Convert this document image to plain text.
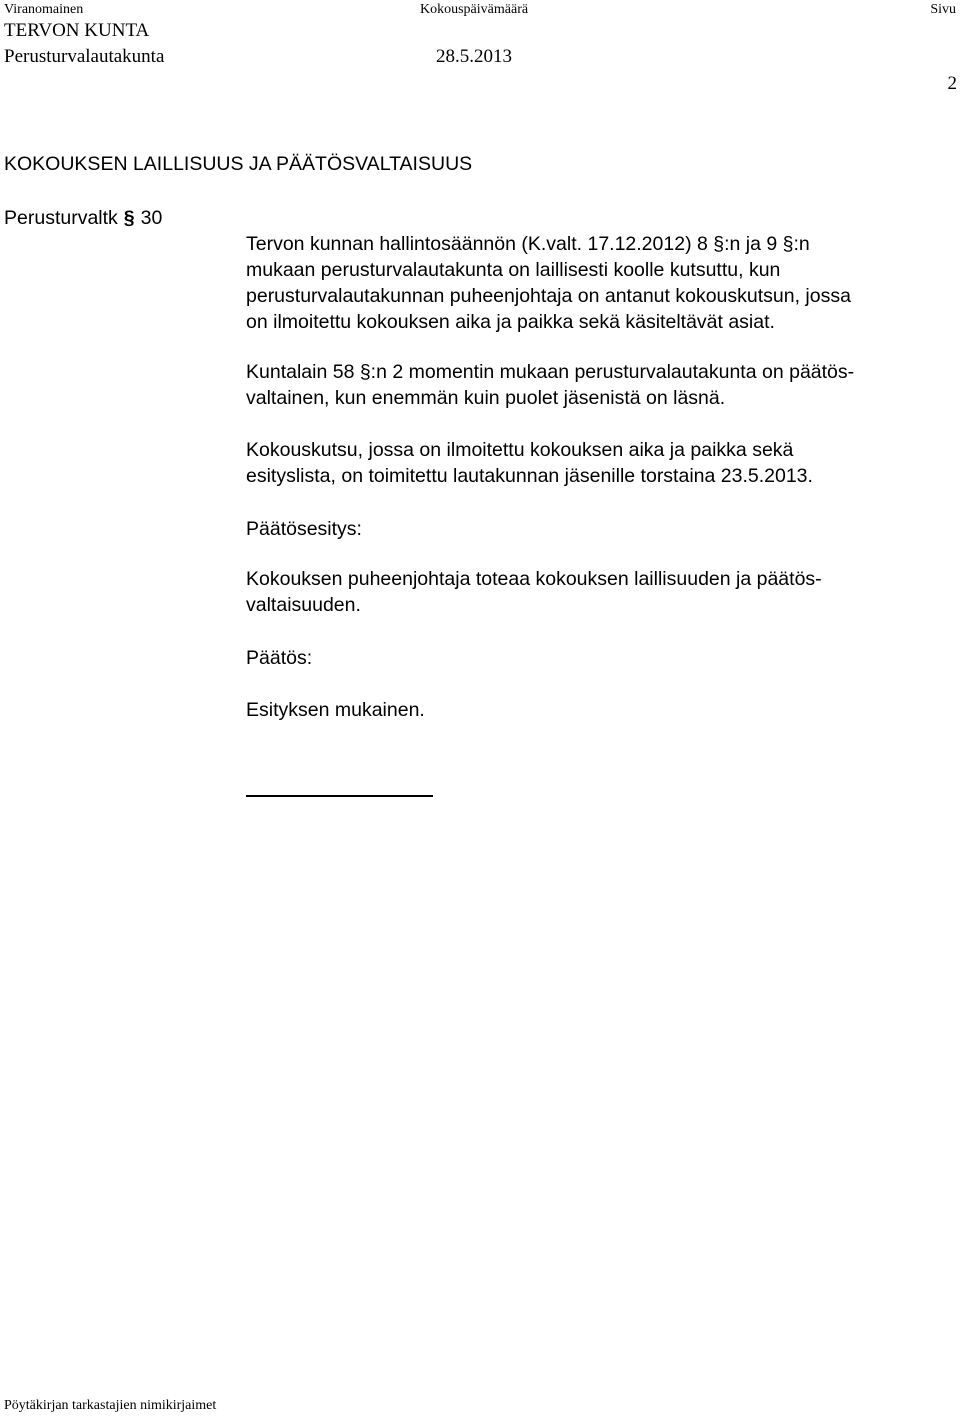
Viranomainen	Kokouspäivämäärä	Sivu
TERVON KUNTA
Perusturvalautakunta	28.5.2013
2
KOKOUKSEN LAILLISUUS JA PÄÄTÖSVALTAISUUS
Perusturvaltk § 30
Tervon kunnan hallintosäännön (K.valt. 17.12.2012) 8 §:n ja 9 §:n
mukaan perusturvalautakunta on laillisesti koolle kutsuttu, kun
perusturvalautakunnan puheenjohtaja on antanut kokouskutsun, jossa
on ilmoitettu kokouksen aika ja paikka sekä käsiteltävät asiat.
Kuntalain 58 §:n 2 momentin mukaan perusturvalautakunta on päätös-
valtainen, kun enemmän kuin puolet jäsenistä on läsnä.
Kokouskutsu, jossa on ilmoitettu kokouksen aika ja paikka sekä
esityslista, on toimitettu lautakunnan jäsenille torstaina 23.5.2013.
Päätösesitys:
Kokouksen puheenjohtaja toteaa kokouksen laillisuuden ja päätös-
valtaisuuden.
Päätös:
Esityksen mukainen.
Pöytäkirjan tarkastajien nimikirjaimet
